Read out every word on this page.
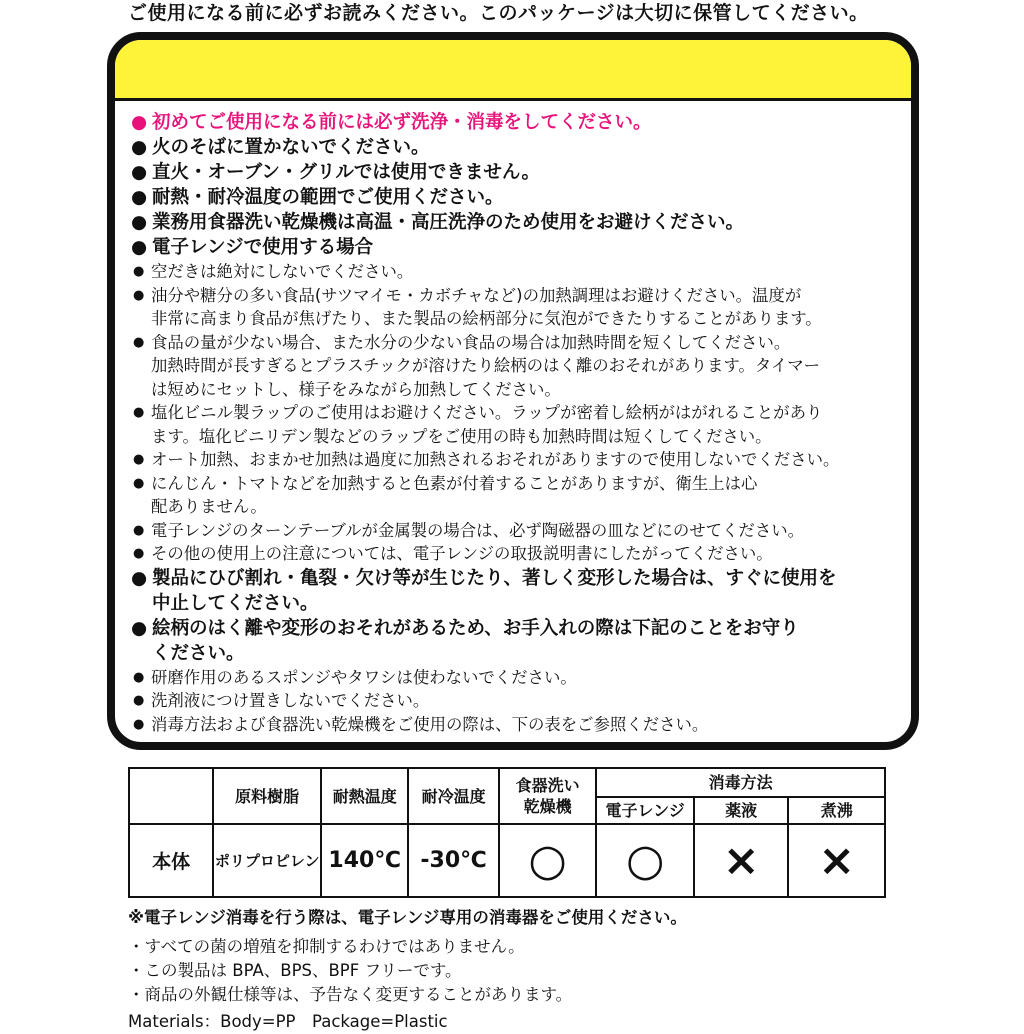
ご使用になる前に必ずお読みください。このパッケージは大切に保管してください。
● 初めてご使用になる前には必ず洗浄・消毒をしてください。
● 火のそばに置かないでください。
● 直火・オーブン・グリルでは使用できません。
● 耐熱・耐冷温度の範囲でご使用ください。
● 業務用食器洗い乾燥機は高温・高圧洗浄のため使用をお避けください。
● 電子レンジで使用する場合
● 空だきは絶対にしないでください。
● 油分や糖分の多い食品(サツマイモ・カボチャなど)の加熱調理はお避けください。温度が
非常に高まり食品が焦げたり、また製品の絵柄部分に気泡ができたりすることがあります。
● 食品の量が少ない場合、また水分の少ない食品の場合は加熱時間を短くしてください。
加熱時間が長すぎるとプラスチックが溶けたり絵柄のはく離のおそれがあります。タイマー
は短めにセットし、様子をみながら加熱してください。
● 塩化ビニル製ラップのご使用はお避けください。ラップが密着し絵柄がはがれることがあり
ます。塩化ビニリデン製などのラップをご使用の時も加熱時間は短くしてください。
● オート加熱、おまかせ加熱は過度に加熱されるおそれがありますので使用しないでください。
● にんじん・トマトなどを加熱すると色素が付着することがありますが、衛生上は心
配ありません。
● 電子レンジのターンテーブルが金属製の場合は、必ず陶磁器の皿などにのせてください。
● その他の使用上の注意については、電子レンジの取扱説明書にしたがってください。
● 製品にひび割れ・亀裂・欠け等が生じたり、著しく変形した場合は、すぐに使用を
中止してください。
● 絵柄のはく離や変形のおそれがあるため、お手入れの際は下記のことをお守り
ください。
● 研磨作用のあるスポンジやタワシは使わないでください。
● 洗剤液につけ置きしないでください。
● 消毒方法および食器洗い乾燥機をご使用の際は、下の表をご参照ください。
	原料樹脂	耐熱温度	耐冷温度	食器洗い
乾燥機	消毒方法		
					電子レンジ	薬液	煮沸
本体	ポリプロピレン	140℃	-30℃	○	○	×	×
※電子レンジ消毒を行う際は、電子レンジ専用の消毒器をご使用ください。
・すべての菌の増殖を抑制するわけではありません。
・この製品は BPA、BPS、BPF フリーです。
・商品の外観仕様等は、予告なく変更することがあります。
Materials：Body=PP　Package=Plastic
